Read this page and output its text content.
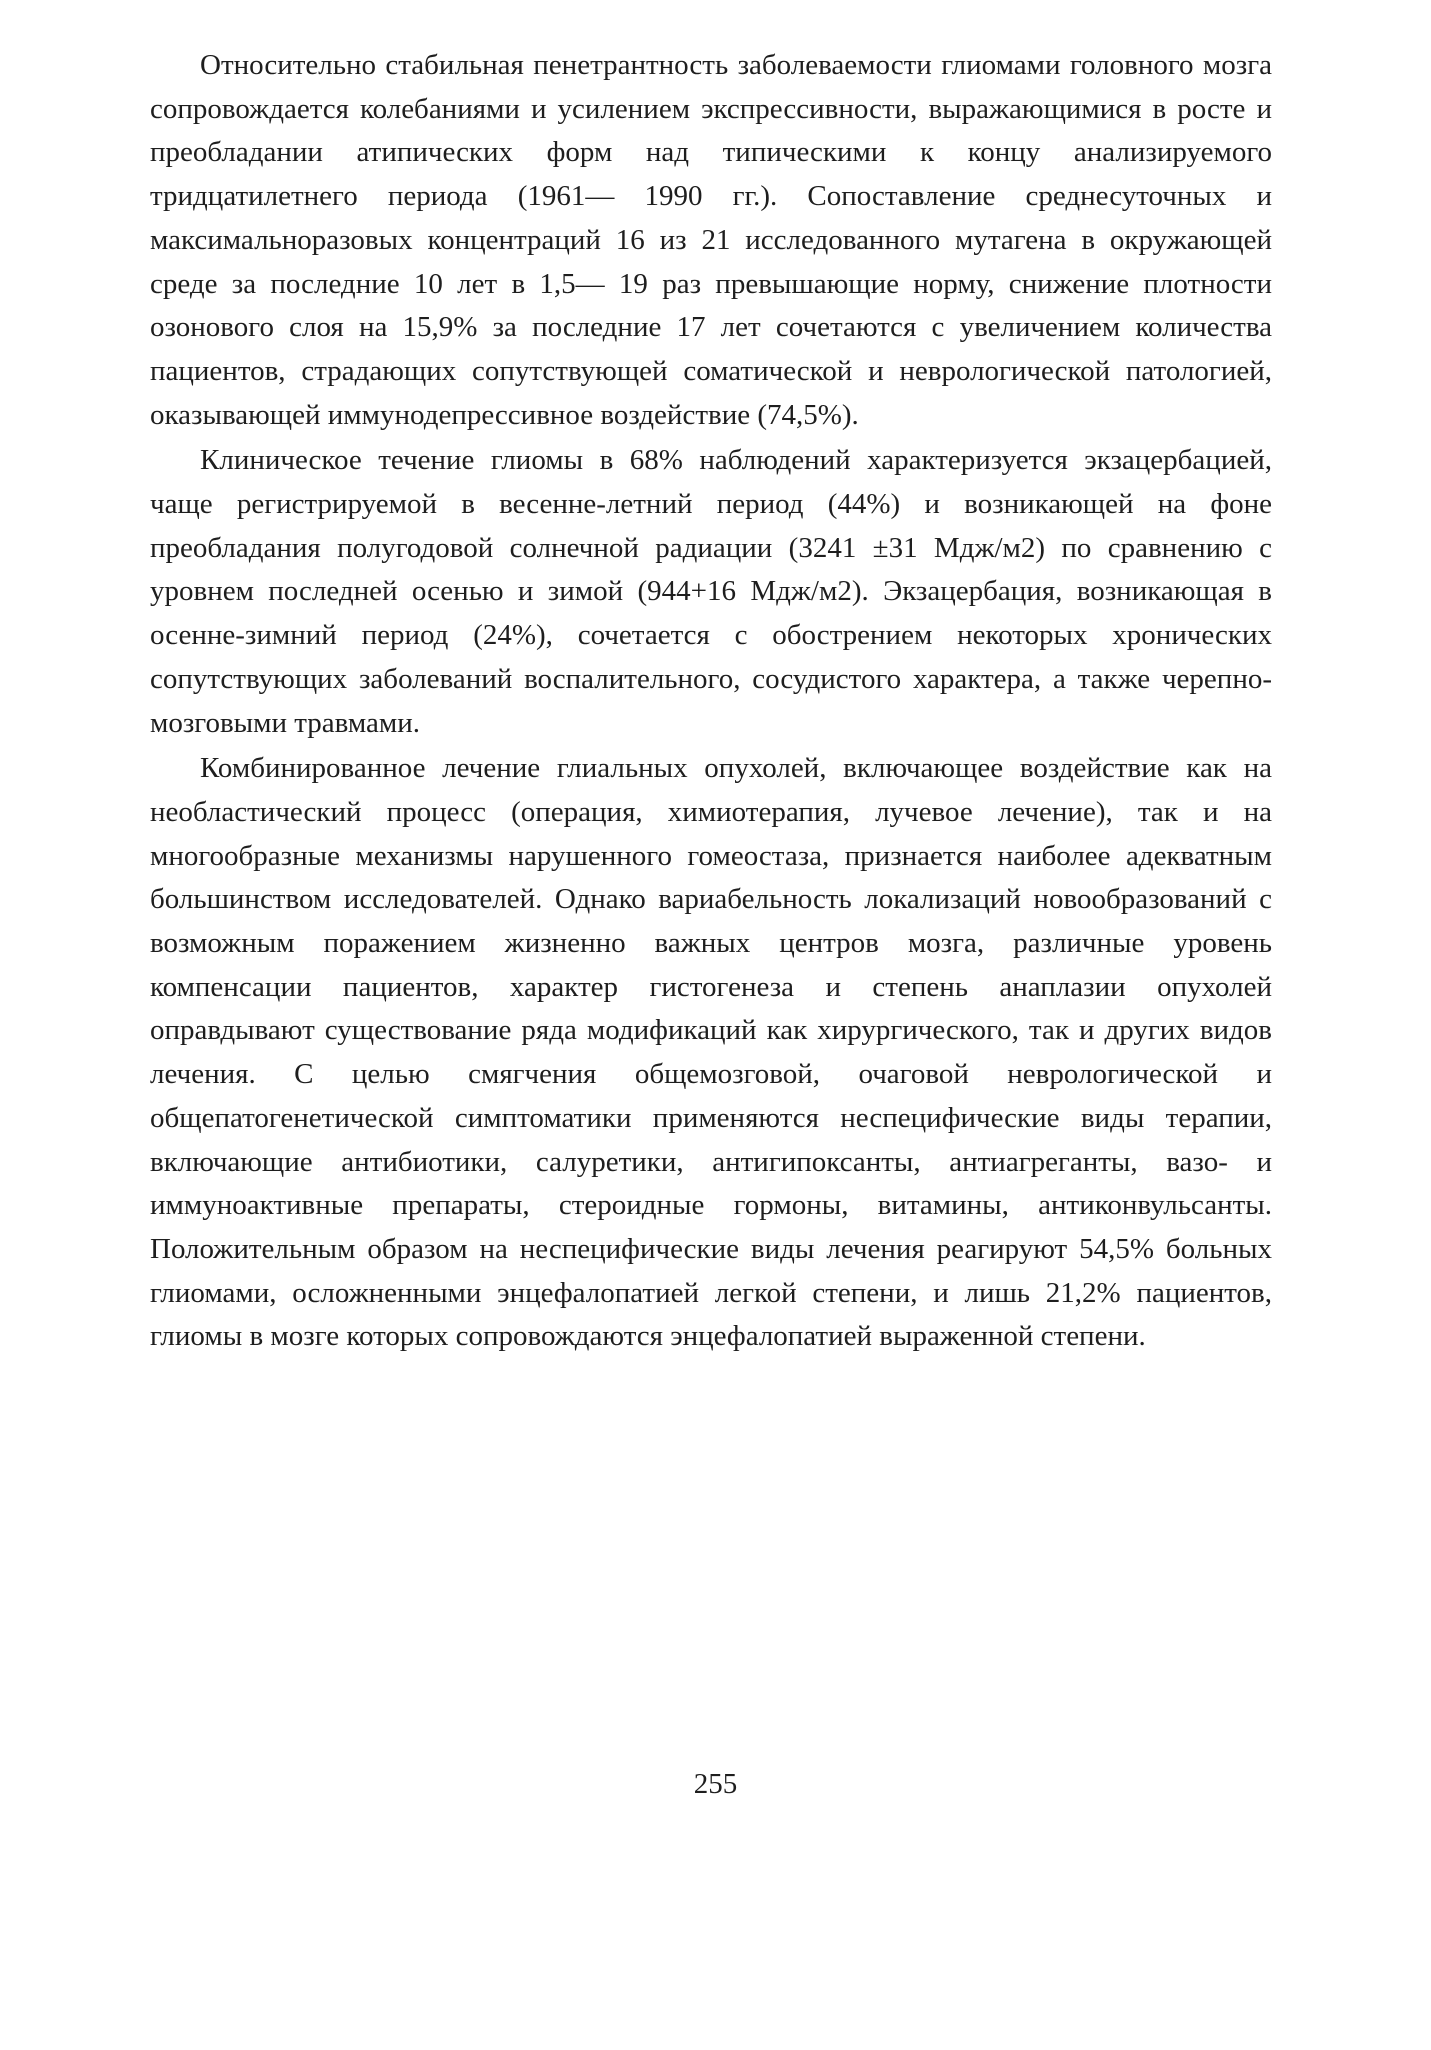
Относительно стабильная пенетрантность заболеваемости глиомами головного мозга сопровождается колебаниями и усилением экспрессивности, выражающимися в росте и преобладании атипических форм над типическими к концу анализируемого тридцатилетнего периода (1961— 1990 гг.). Сопоставление среднесуточных и максимальноразовых концентраций 16 из 21 исследованного мутагена в окружающей среде за последние 10 лет в 1,5— 19 раз превышающие норму, снижение плотности озонового слоя на 15,9% за последние 17 лет сочетаются с увеличением количества пациентов, страдающих сопутствующей соматической и неврологической патологией, оказывающей иммунодепрессивное воздействие (74,5%).

Клиническое течение глиомы в 68% наблюдений характеризуется экзацербацией, чаще регистрируемой в весенне-летний период (44%) и возникающей на фоне преобладания полугодовой солнечной радиации (3241 ±31 Мдж/м2) по сравнению с уровнем последней осенью и зимой (944+16 Мдж/м2). Экзацербация, возникающая в осенне-зимний период (24%), сочетается с обострением некоторых хронических сопутствующих заболеваний воспалительного, сосудистого характера, а также черепно-мозговыми травмами.

Комбинированное лечение глиальных опухолей, включающее воздействие как на необластический процесс (операция, химиотерапия, лучевое лечение), так и на многообразные механизмы нарушенного гомеостаза, признается наиболее адекватным большинством исследователей. Однако вариабельность локализаций новообразований с возможным поражением жизненно важных центров мозга, различные уровень компенсации пациентов, характер гистогенеза и степень анаплазии опухолей оправдывают существование ряда модификаций как хирургического, так и других видов лечения. С целью смягчения общемозговой, очаговой неврологической и общепатогенетической симптоматики применяются неспецифические виды терапии, включающие антибиотики, салуретики, антигипоксанты, антиагреганты, вазо- и иммуноактивные препараты, стероидные гормоны, витамины, антиконвульсанты. Положительным образом на неспецифические виды лечения реагируют 54,5% больных глиомами, осложненными энцефалопатией легкой степени, и лишь 21,2% пациентов, глиомы в мозге которых сопровождаются энцефалопатией выраженной степени.

255
